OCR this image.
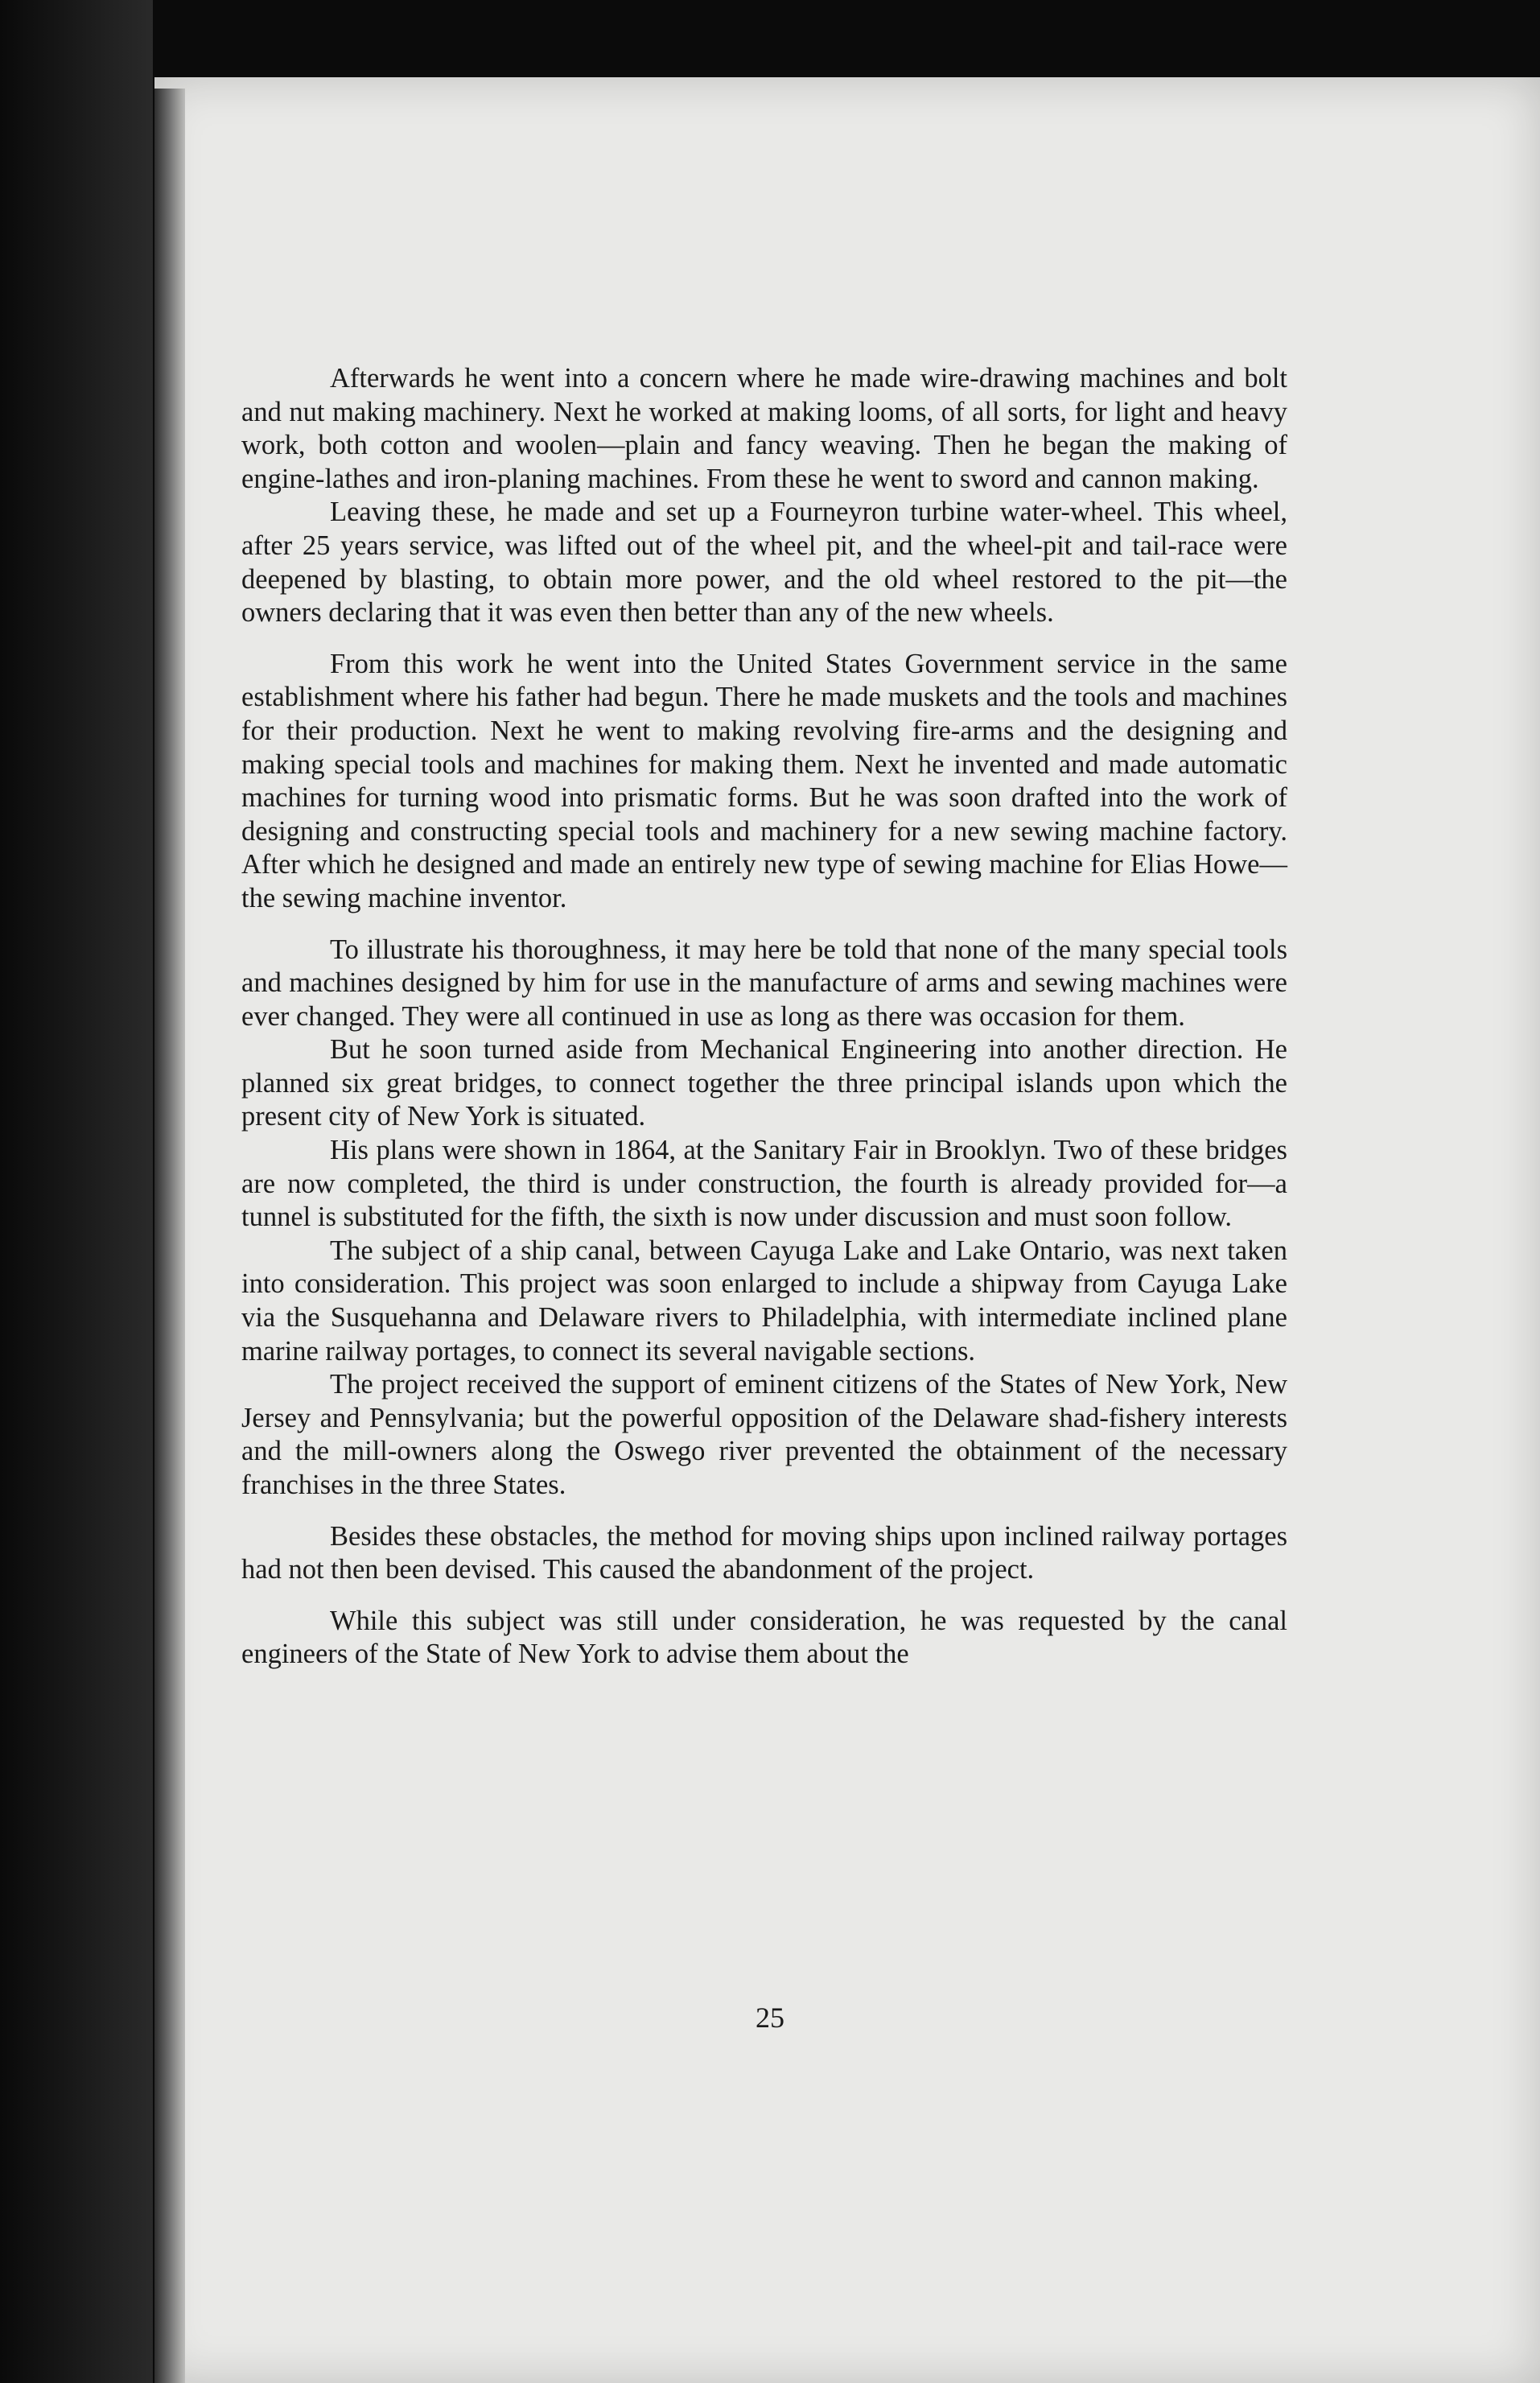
Afterwards he went into a concern where he made wire-drawing machines and bolt and nut making machinery. Next he worked at making looms, of all sorts, for light and heavy work, both cotton and woolen—plain and fancy weaving. Then he began the making of engine-lathes and iron-planing machines. From these he went to sword and cannon making.

Leaving these, he made and set up a Fourneyron turbine water-wheel. This wheel, after 25 years service, was lifted out of the wheel pit, and the wheel-pit and tail-race were deepened by blasting, to obtain more power, and the old wheel restored to the pit—the owners declaring that it was even then better than any of the new wheels.

From this work he went into the United States Government service in the same establishment where his father had begun. There he made muskets and the tools and machines for their production. Next he went to making revolving fire-arms and the designing and making special tools and machines for making them. Next he invented and made automatic machines for turning wood into prismatic forms. But he was soon drafted into the work of designing and constructing special tools and machinery for a new sewing machine factory. After which he designed and made an entirely new type of sewing machine for Elias Howe—the sewing machine inventor.

To illustrate his thoroughness, it may here be told that none of the many special tools and machines designed by him for use in the manufacture of arms and sewing machines were ever changed. They were all continued in use as long as there was occasion for them.

But he soon turned aside from Mechanical Engineering into another direction. He planned six great bridges, to connect together the three principal islands upon which the present city of New York is situated.

His plans were shown in 1864, at the Sanitary Fair in Brooklyn. Two of these bridges are now completed, the third is under construction, the fourth is already provided for—a tunnel is substituted for the fifth, the sixth is now under discussion and must soon follow.

The subject of a ship canal, between Cayuga Lake and Lake Ontario, was next taken into consideration. This project was soon enlarged to include a shipway from Cayuga Lake via the Susquehanna and Delaware rivers to Philadelphia, with intermediate inclined plane marine railway portages, to connect its several navigable sections.

The project received the support of eminent citizens of the States of New York, New Jersey and Pennsylvania; but the powerful opposition of the Delaware shad-fishery interests and the mill-owners along the Oswego river prevented the obtainment of the necessary franchises in the three States.

Besides these obstacles, the method for moving ships upon inclined railway portages had not then been devised. This caused the abandonment of the project.

While this subject was still under consideration, he was requested by the canal engineers of the State of New York to advise them about the

25
